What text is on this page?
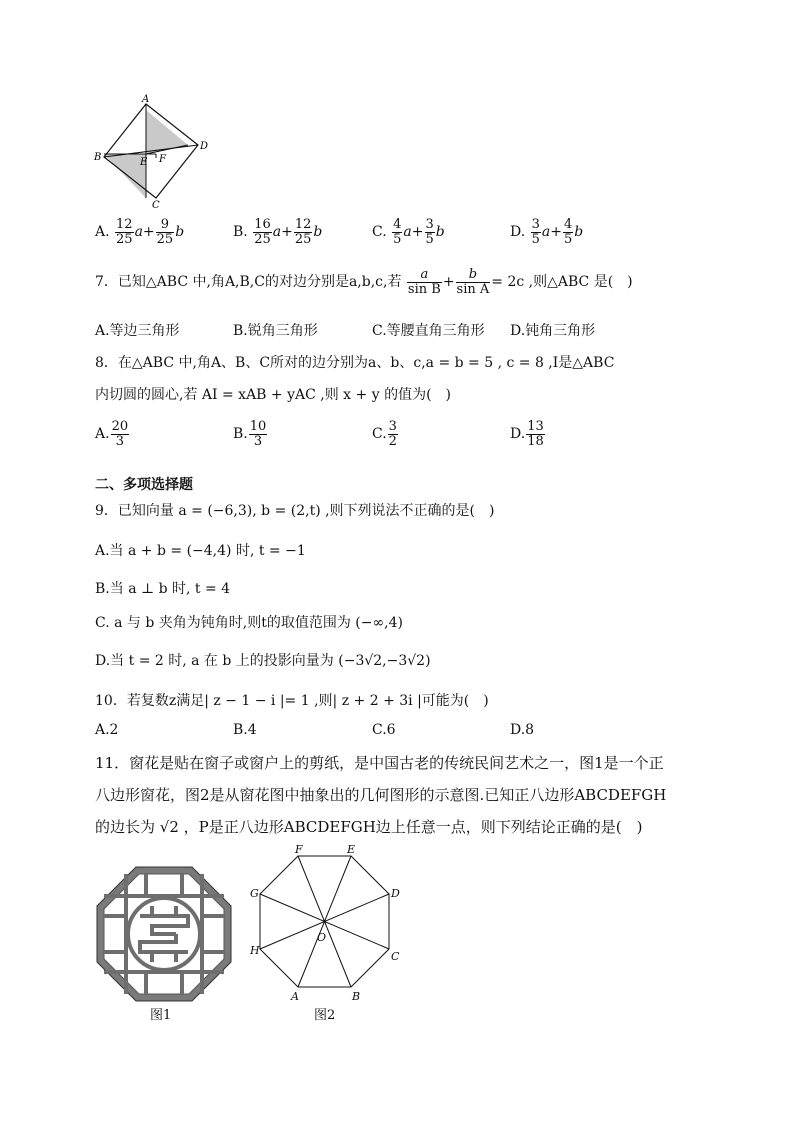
A
B
C
D
E F
A. $\frac{12}{25} a+ \frac{9}{25}$ b	B. $\frac{16}{25} a+ \frac{12}{25}$ b	C. $\frac{4}{5} a+ \frac{3}{5}$ b	D. $\frac{3}{5} a+ \frac{4}{5}$ b
7．已知△ABC 中,角A,B,C的对边分别是a,b,c,若 $\frac{a}{\text{sin B}} + \frac{b}{\text{sin A}} = 2c$ ,则△ABC 是(　)
A.等边三角形	B.锐角三角形	C.等腰直角三角形 D.钝角三角形
8．在△ABC 中,角A、B、C所对的边分别为a、b、c,a = b = 5 , c = 8 ,I是△ABC
内切圆的圆心,若 AI = xAB + yAC ,则 x + y 的值为(　)
A. $\frac{20}{3}$	B. $\frac{10}{3}$	C. $\frac{3}{2}$	D. $\frac{13}{18}$
二、多项选择题
9．已知向量 a = (−6,3), b = (2,t) ,则下列说法不正确的是(　)
A.当 a + b = (−4,4) 时, t = −1
B.当 a ⊥ b 时, t = 4
C. a 与 b 夹角为钝角时,则t的取值范围为 (−∞,4)
D.当 t = 2 时, a 在 b 上的投影向量为 (−3√2,−3√2)
10．若复数z满足| z − 1 − i |= 1 ,则| z + 2 + 3i |可能为(　)
A.2	B.4	C.6	D.8
11．窗花是贴在窗子或窗户上的剪纸，是中国古老的传统民间艺术之一，图1是一个正
八边形窗花，图2是从窗花图中抽象出的几何图形的示意图.已知正八边形ABCDEFGH
的边长为 √2 ，P是正八边形ABCDEFGH边上任意一点，则下列结论正确的是(　)
图1
A	B
C
D
E
F
G
H
O
图2
